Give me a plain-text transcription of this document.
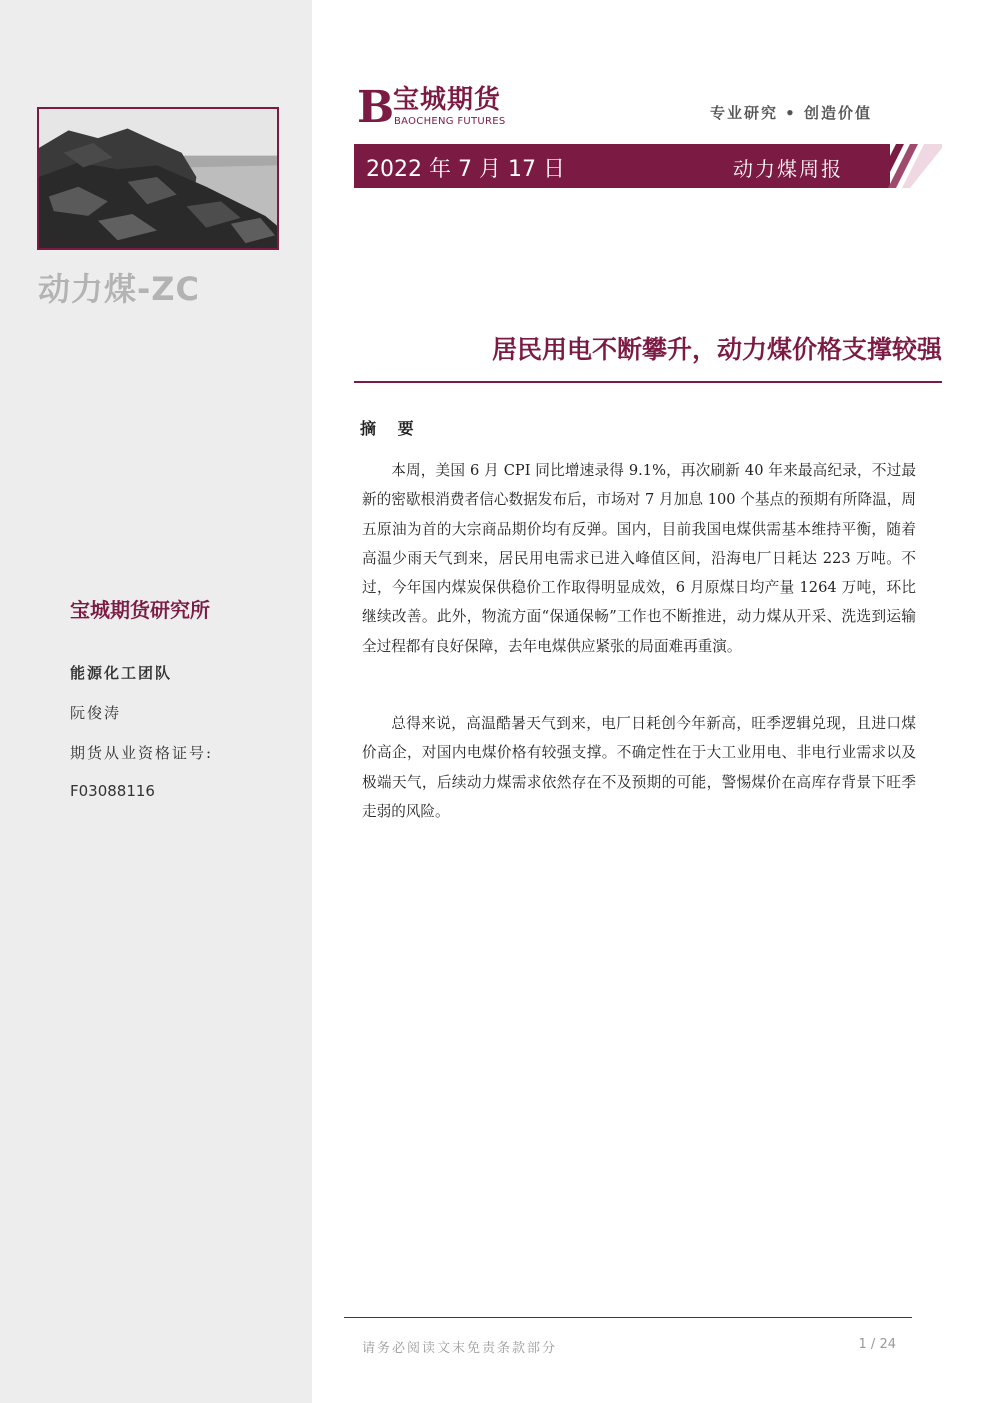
动力煤-ZC
宝城期货研究所
能源化工团队
阮俊涛
期货从业资格证号:
F03088116
B
宝城期货
BAOCHENG FUTURES	专业研究 • 创造价值
2022 年 7 月 17 日	动力煤周报
居民用电不断攀升，动力煤价格支撑较强
摘 要

本周，美国 6 月 CPI 同比增速录得 9.1%，再次刷新 40 年来最高纪录，不过最新的密歇根消费者信心数据发布后，市场对 7 月加息 100 个基点的预期有所降温，周五原油为首的大宗商品期价均有反弹。国内，目前我国电煤供需基本维持平衡，随着高温少雨天气到来，居民用电需求已进入峰值区间，沿海电厂日耗达 223 万吨。不过，今年国内煤炭保供稳价工作取得明显成效，6 月原煤日均产量 1264 万吨，环比继续改善。此外，物流方面“保通保畅”工作也不断推进，动力煤从开采、洗选到运输全过程都有良好保障，去年电煤供应紧张的局面难再重演。

总得来说，高温酷暑天气到来，电厂日耗创今年新高，旺季逻辑兑现，且进口煤价高企，对国内电煤价格有较强支撑。不确定性在于大工业用电、非电行业需求以及极端天气，后续动力煤需求依然存在不及预期的可能，警惕煤价在高库存背景下旺季走弱的风险。

请务必阅读文末免责条款部分	1 / 24
